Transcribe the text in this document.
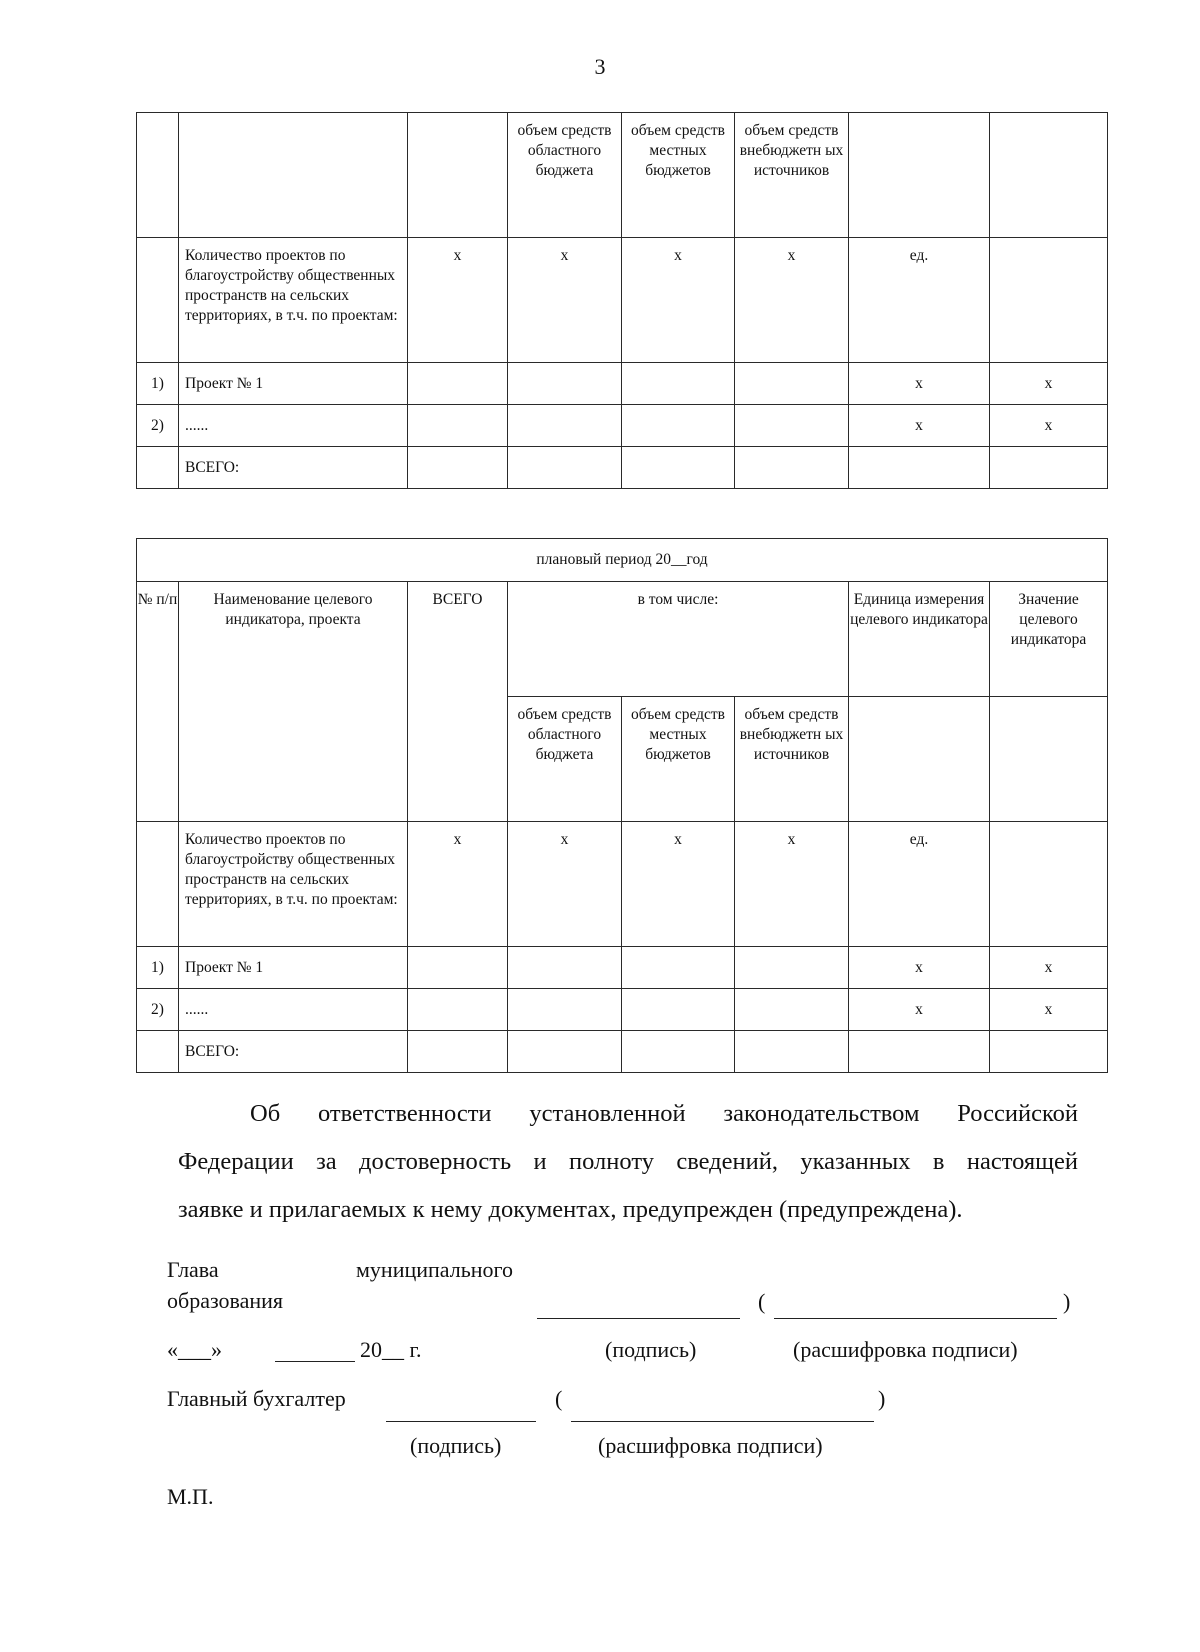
3
			объем средств областного бюджета	объем средств местных бюджетов	объем средств внебюджетн ых источников		
	Количество проектов по благоустройству общественных пространств на сельских территориях, в т.ч. по проектам:	x	x	x	x	ед.	
1)	Проект № 1					x	x
2)	......					x	x
	ВСЕГО:						
плановый период 20__год							
№ п/п	Наименование целевого индикатора, проекта	ВСЕГО	в том числе:			Единица измерения целевого индикатора	Значение целевого индикатора
			объем средств областного бюджета	объем средств местных бюджетов	объем средств внебюджетн ых источников		
	Количество проектов по благоустройству общественных пространств на сельских территориях, в т.ч. по проектам:	x	x	x	x	ед.	
1)	Проект № 1					x	x
2)	......					x	x
	ВСЕГО:						
Об ответственности установленной законодательством Российской
Федерации за достоверность и полноту сведений, указанных в настоящей
заявке и прилагаемых к нему документах, предупрежден (предупреждена).
Глава	муниципального
образования	(	)
«___»	20__ г.	(подпись)	(расшифровка подписи)
Главный бухгалтер	(	)
(подпись)	(расшифровка подписи)
М.П.
